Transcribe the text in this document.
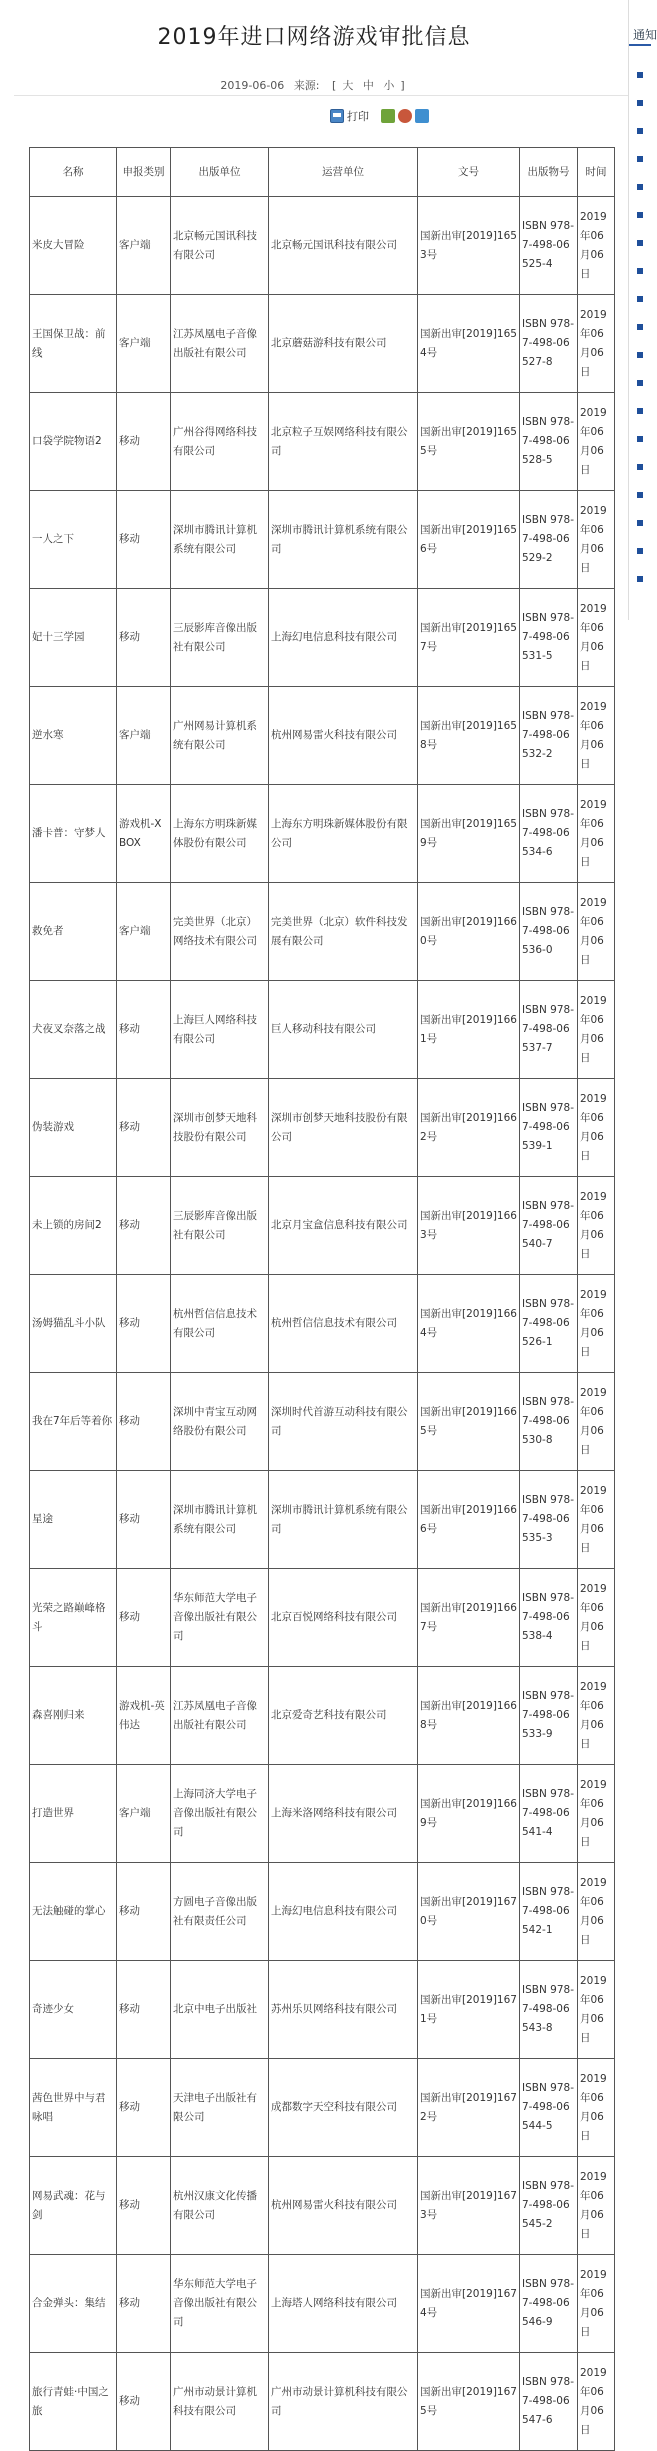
2019年进口网络游戏审批信息
2019-06-06 来源: [ 大 中 小 ]
打印
名称	申报类别	出版单位	运营单位	文号	出版物号	时间
米皮大冒险	客户端	北京畅元国讯科技有限公司	北京畅元国讯科技有限公司	国新出审[2019]1653号	ISBN 978-7-498-06525-4	2019年06月06日
王国保卫战：前线	客户端	江苏凤凰电子音像出版社有限公司	北京蘑菇游科技有限公司	国新出审[2019]1654号	ISBN 978-7-498-06527-8	2019年06月06日
口袋学院物语2	移动	广州谷得网络科技有限公司	北京粒子互娱网络科技有限公司	国新出审[2019]1655号	ISBN 978-7-498-06528-5	2019年06月06日
一人之下	移动	深圳市腾讯计算机系统有限公司	深圳市腾讯计算机系统有限公司	国新出审[2019]1656号	ISBN 978-7-498-06529-2	2019年06月06日
妃十三学园	移动	三辰影库音像出版社有限公司	上海幻电信息科技有限公司	国新出审[2019]1657号	ISBN 978-7-498-06531-5	2019年06月06日
逆水寒	客户端	广州网易计算机系统有限公司	杭州网易雷火科技有限公司	国新出审[2019]1658号	ISBN 978-7-498-06532-2	2019年06月06日
潘卡普：守梦人	游戏机-XBOX	上海东方明珠新媒体股份有限公司	上海东方明珠新媒体股份有限公司	国新出审[2019]1659号	ISBN 978-7-498-06534-6	2019年06月06日
救免者	客户端	完美世界（北京）网络技术有限公司	完美世界（北京）软件科技发展有限公司	国新出审[2019]1660号	ISBN 978-7-498-06536-0	2019年06月06日
犬夜叉奈落之战	移动	上海巨人网络科技有限公司	巨人移动科技有限公司	国新出审[2019]1661号	ISBN 978-7-498-06537-7	2019年06月06日
伪装游戏	移动	深圳市创梦天地科技股份有限公司	深圳市创梦天地科技股份有限公司	国新出审[2019]1662号	ISBN 978-7-498-06539-1	2019年06月06日
未上锁的房间2	移动	三辰影库音像出版社有限公司	北京月宝盒信息科技有限公司	国新出审[2019]1663号	ISBN 978-7-498-06540-7	2019年06月06日
汤姆猫乱斗小队	移动	杭州哲信信息技术有限公司	杭州哲信信息技术有限公司	国新出审[2019]1664号	ISBN 978-7-498-06526-1	2019年06月06日
我在7年后等着你	移动	深圳中青宝互动网络股份有限公司	深圳时代首游互动科技有限公司	国新出审[2019]1665号	ISBN 978-7-498-06530-8	2019年06月06日
星途	移动	深圳市腾讯计算机系统有限公司	深圳市腾讯计算机系统有限公司	国新出审[2019]1666号	ISBN 978-7-498-06535-3	2019年06月06日
光荣之路巅峰格斗	移动	华东师范大学电子音像出版社有限公司	北京百悦网络科技有限公司	国新出审[2019]1667号	ISBN 978-7-498-06538-4	2019年06月06日
森喜刚归来	游戏机-英伟达	江苏凤凰电子音像出版社有限公司	北京爱奇艺科技有限公司	国新出审[2019]1668号	ISBN 978-7-498-06533-9	2019年06月06日
打造世界	客户端	上海同济大学电子音像出版社有限公司	上海米洛网络科技有限公司	国新出审[2019]1669号	ISBN 978-7-498-06541-4	2019年06月06日
无法触碰的掌心	移动	方圆电子音像出版社有限责任公司	上海幻电信息科技有限公司	国新出审[2019]1670号	ISBN 978-7-498-06542-1	2019年06月06日
奇迹少女	移动	北京中电子出版社	苏州乐贝网络科技有限公司	国新出审[2019]1671号	ISBN 978-7-498-06543-8	2019年06月06日
茜色世界中与君咏唱	移动	天津电子出版社有限公司	成都数字天空科技有限公司	国新出审[2019]1672号	ISBN 978-7-498-06544-5	2019年06月06日
网易武魂：花与剑	移动	杭州汉康文化传播有限公司	杭州网易雷火科技有限公司	国新出审[2019]1673号	ISBN 978-7-498-06545-2	2019年06月06日
合金弹头：集结	移动	华东师范大学电子音像出版社有限公司	上海塔人网络科技有限公司	国新出审[2019]1674号	ISBN 978-7-498-06546-9	2019年06月06日
旅行青蛙·中国之旅	移动	广州市动景计算机科技有限公司	广州市动景计算机科技有限公司	国新出审[2019]1675号	ISBN 978-7-498-06547-6	2019年06月06日
通知
